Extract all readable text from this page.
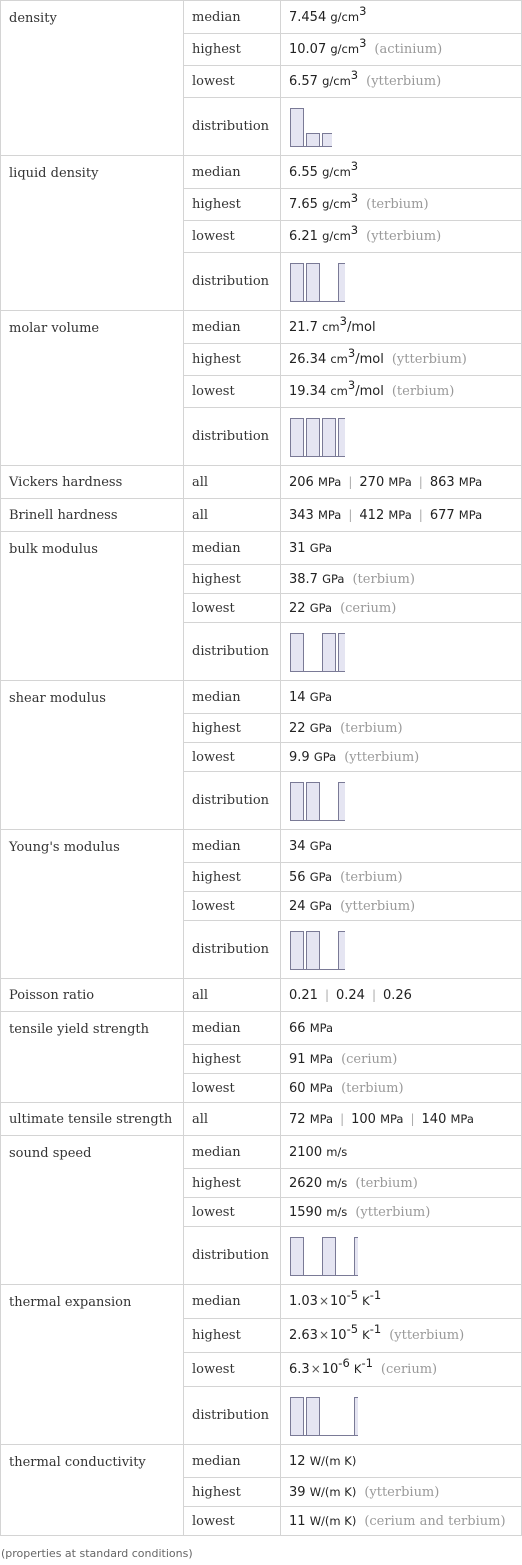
density	median	7.454 $g/cm^3$
	highest	10.07 $g/cm^3$ (actinium)
	lowest	6.57 $g/cm^3$ (ytterbium)
	distribution	

liquid density	median	6.55 $g/cm^3$
	highest	7.65 $g/cm^3$ (terbium)
	lowest	6.21 $g/cm^3$ (ytterbium)
	distribution	

molar volume	median	21.7 $cm^3$/mol
	highest	26.34 $cm^3$/mol (ytterbium)
	lowest	19.34 $cm^3$/mol (terbium)
	distribution	

Vickers hardness	all	206 MPa | 270 MPa | 863 MPa
Brinell hardness	all	343 MPa | 412 MPa | 677 MPa
bulk modulus	median	31 GPa
	highest	38.7 GPa (terbium)
	lowest	22 GPa (cerium)
	distribution	

shear modulus	median	14 GPa
	highest	22 GPa (terbium)
	lowest	9.9 GPa (ytterbium)
	distribution	

Young's modulus	median	34 GPa
	highest	56 GPa (terbium)
	lowest	24 GPa (ytterbium)
	distribution	

Poisson ratio	all	0.21 | 0.24 | 0.26
tensile yield strength	median	66 MPa
	highest	91 MPa (cerium)
	lowest	60 MPa (terbium)
ultimate tensile strength	all	72 MPa | 100 MPa | 140 MPa
sound speed	median	2100 m/s
	highest	2620 m/s (terbium)
	lowest	1590 m/s (ytterbium)
	distribution	

thermal expansion	median	$1.03\times 10^{-5}$ $K^{-1}$
	highest	$2.63\times 10^{-5}$ $K^{-1}$ (ytterbium)
	lowest	$6.3\times 10^{-6}$ $K^{-1}$ (cerium)
	distribution	

thermal conductivity	median	12 W/(m K)
	highest	39 W/(m K) (ytterbium)
	lowest	11 W/(m K) (cerium and terbium)
(properties at standard conditions)
